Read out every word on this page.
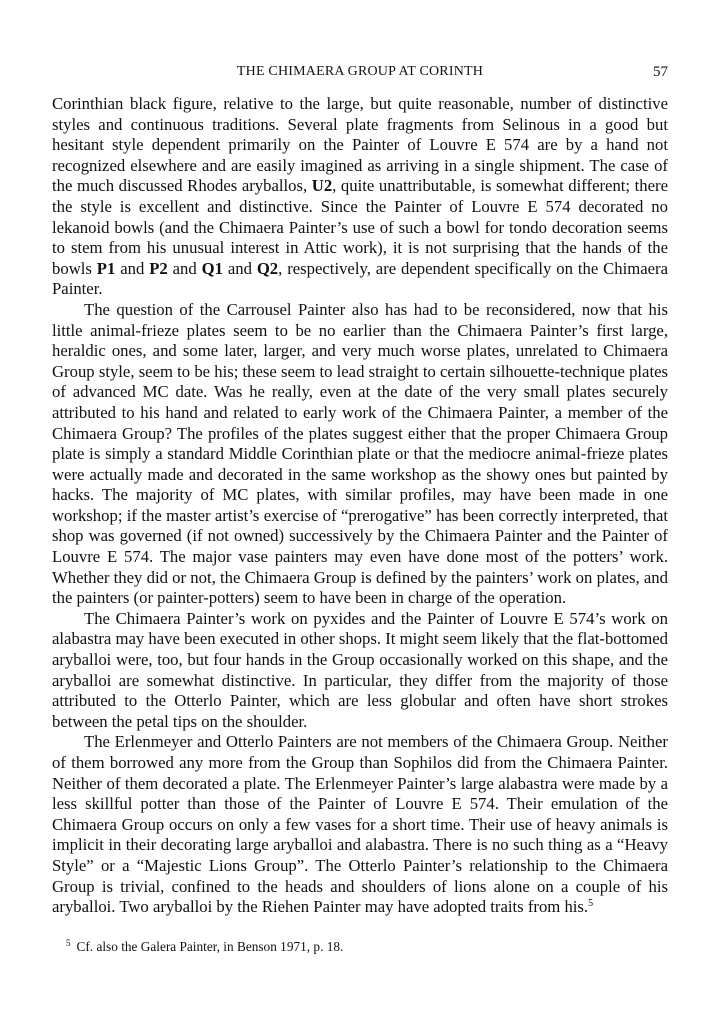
THE CHIMAERA GROUP AT CORINTH	57

Corinthian black figure, relative to the large, but quite reasonable, number of distinctive styles and continuous traditions. Several plate fragments from Selinous in a good but hesitant style dependent primarily on the Painter of Louvre E 574 are by a hand not recognized elsewhere and are easily imagined as arriving in a single shipment. The case of the much discussed Rhodes aryballos, U2, quite unattributable, is somewhat different; there the style is excellent and distinctive. Since the Painter of Louvre E 574 decorated no lekanoid bowls (and the Chimaera Painter’s use of such a bowl for tondo decoration seems to stem from his unusual interest in Attic work), it is not surprising that the hands of the bowls P1 and P2 and Q1 and Q2, respectively, are dependent specifically on the Chimaera Painter.

The question of the Carrousel Painter also has had to be reconsidered, now that his little animal-frieze plates seem to be no earlier than the Chimaera Painter’s first large, heraldic ones, and some later, larger, and very much worse plates, unrelated to Chimaera Group style, seem to be his; these seem to lead straight to certain silhouette-technique plates of advanced MC date. Was he really, even at the date of the very small plates securely attributed to his hand and related to early work of the Chimaera Painter, a member of the Chimaera Group? The profiles of the plates suggest either that the proper Chimaera Group plate is simply a standard Middle Corinthian plate or that the mediocre animal-frieze plates were actually made and decorated in the same workshop as the showy ones but painted by hacks. The majority of MC plates, with similar profiles, may have been made in one workshop; if the master artist’s exercise of “prerogative” has been correctly interpreted, that shop was governed (if not owned) successively by the Chimaera Painter and the Painter of Louvre E 574. The major vase painters may even have done most of the potters’ work. Whether they did or not, the Chimaera Group is defined by the painters’ work on plates, and the painters (or painter-potters) seem to have been in charge of the operation.

The Chimaera Painter’s work on pyxides and the Painter of Louvre E 574’s work on alabastra may have been executed in other shops. It might seem likely that the flat-bottomed aryballoi were, too, but four hands in the Group occasionally worked on this shape, and the aryballoi are somewhat distinctive. In particular, they differ from the majority of those attributed to the Otterlo Painter, which are less globular and often have short strokes between the petal tips on the shoulder.

The Erlenmeyer and Otterlo Painters are not members of the Chimaera Group. Neither of them borrowed any more from the Group than Sophilos did from the Chimaera Painter. Neither of them decorated a plate. The Erlenmeyer Painter’s large alabastra were made by a less skillful potter than those of the Painter of Louvre E 574. Their emulation of the Chimaera Group occurs on only a few vases for a short time. Their use of heavy animals is implicit in their decorating large aryballoi and alabastra. There is no such thing as a “Heavy Style” or a “Majestic Lions Group”. The Otterlo Painter’s relationship to the Chimaera Group is trivial, confined to the heads and shoulders of lions alone on a couple of his aryballoi. Two aryballoi by the Riehen Painter may have adopted traits from his.$^5$

$^5$ Cf. also the Galera Painter, in Benson 1971, p. 18.
